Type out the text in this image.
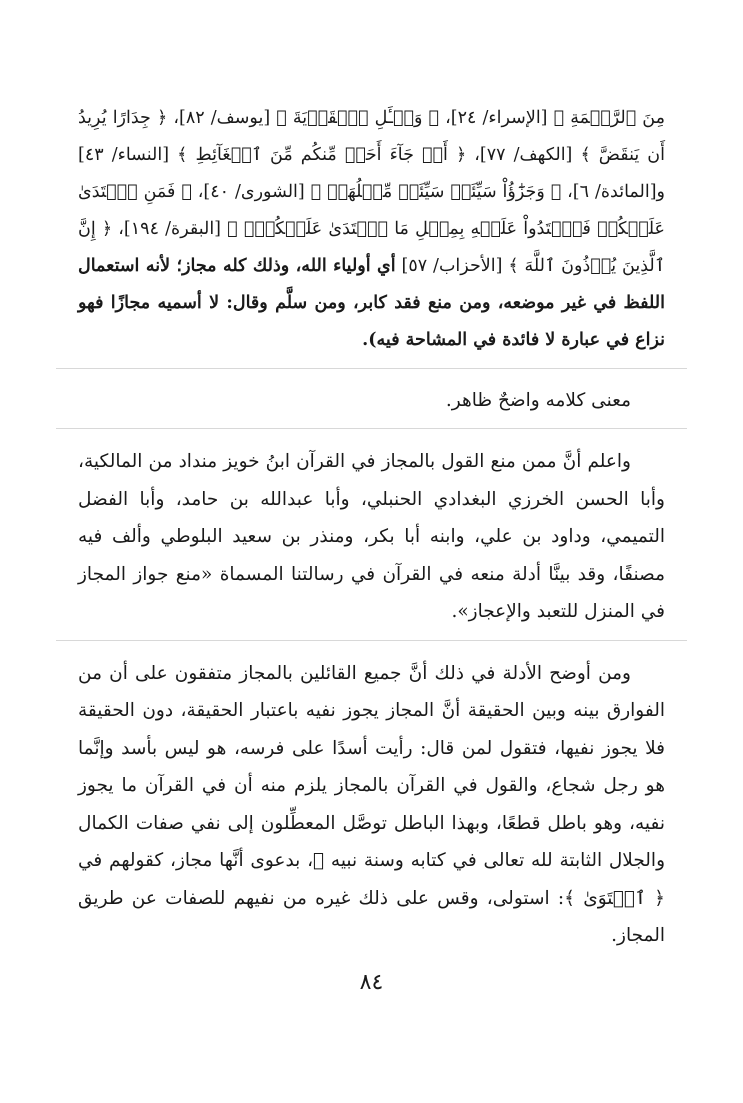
مِنَ ٱلرَّحۡمَةِ ﴾ [الإسراء/ ٢٤]، ﴿ وَسۡـَٔلِ ٱلۡقَرۡيَةَ ﴾ [يوسف/ ٨٢]، ﴿ جِدَارًا يُرِيدُ أَن يَنقَضَّ ﴾ [الكهف/ ٧٧]، ﴿ أَوۡ جَآءَ أَحَدٞ مِّنكُم مِّنَ ٱلۡغَآئِطِ ﴾ [النساء/ ٤٣] و[المائدة/ ٦]، ﴿ وَجَزَٰٓؤُاْ سَيِّئَةٖ سَيِّئَةٞ مِّثۡلُهَاۖ ﴾ [الشورى/ ٤٠]، ﴿ فَمَنِ ٱعۡتَدَىٰ عَلَيۡكُمۡ فَٱعۡتَدُواْ عَلَيۡهِ بِمِثۡلِ مَا ٱعۡتَدَىٰ عَلَيۡكُمۡۚ ﴾ [البقرة/ ١٩٤]، ﴿ إِنَّ ٱلَّذِينَ يُؤۡذُونَ ٱللَّهَ ﴾ [الأحزاب/ ٥٧] أي أولياء الله، وذلك كله مجاز؛ لأنه استعمال اللفظ في غير موضعه، ومن منع فقد كابر، ومن سلَّم وقال: لا أسميه مجازًا فهو نزاع في عبارة لا فائدة في المشاحة فيه).

معنى كلامه واضحٌ ظاهر.

واعلم أنَّ ممن منع القول بالمجاز في القرآن ابنُ خويز منداد من المالكية، وأبا الحسن الخرزي البغدادي الحنبلي، وأبا عبدالله بن حامد، وأبا الفضل التميمي، وداود بن علي، وابنه أبا بكر، ومنذر بن سعيد البلوطي وألف فيه مصنفًا، وقد بينَّا أدلة منعه في القرآن في رسالتنا المسماة «منع جواز المجاز في المنزل للتعبد والإعجاز».

ومن أوضح الأدلة في ذلك أنَّ جميع القائلين بالمجاز متفقون على أن من الفوارق بينه وبين الحقيقة أنَّ المجاز يجوز نفيه باعتبار الحقيقة، دون الحقيقة فلا يجوز نفيها، فتقول لمن قال: رأيت أسدًا على فرسه، هو ليس بأسد وإنَّما هو رجل شجاع، والقول في القرآن بالمجاز يلزم منه أن في القرآن ما يجوز نفيه، وهو باطل قطعًا، وبهذا الباطل توصَّل المعطِّلون إلى نفي صفات الكمال والجلال الثابتة لله تعالى في كتابه وسنة نبيه ﷺ، بدعوى أنَّها مجاز، كقولهم في ﴿ ٱسۡتَوَىٰ ﴾: استولى، وقس على ذلك غيره من نفيهم للصفات عن طريق المجاز.

٨٤
